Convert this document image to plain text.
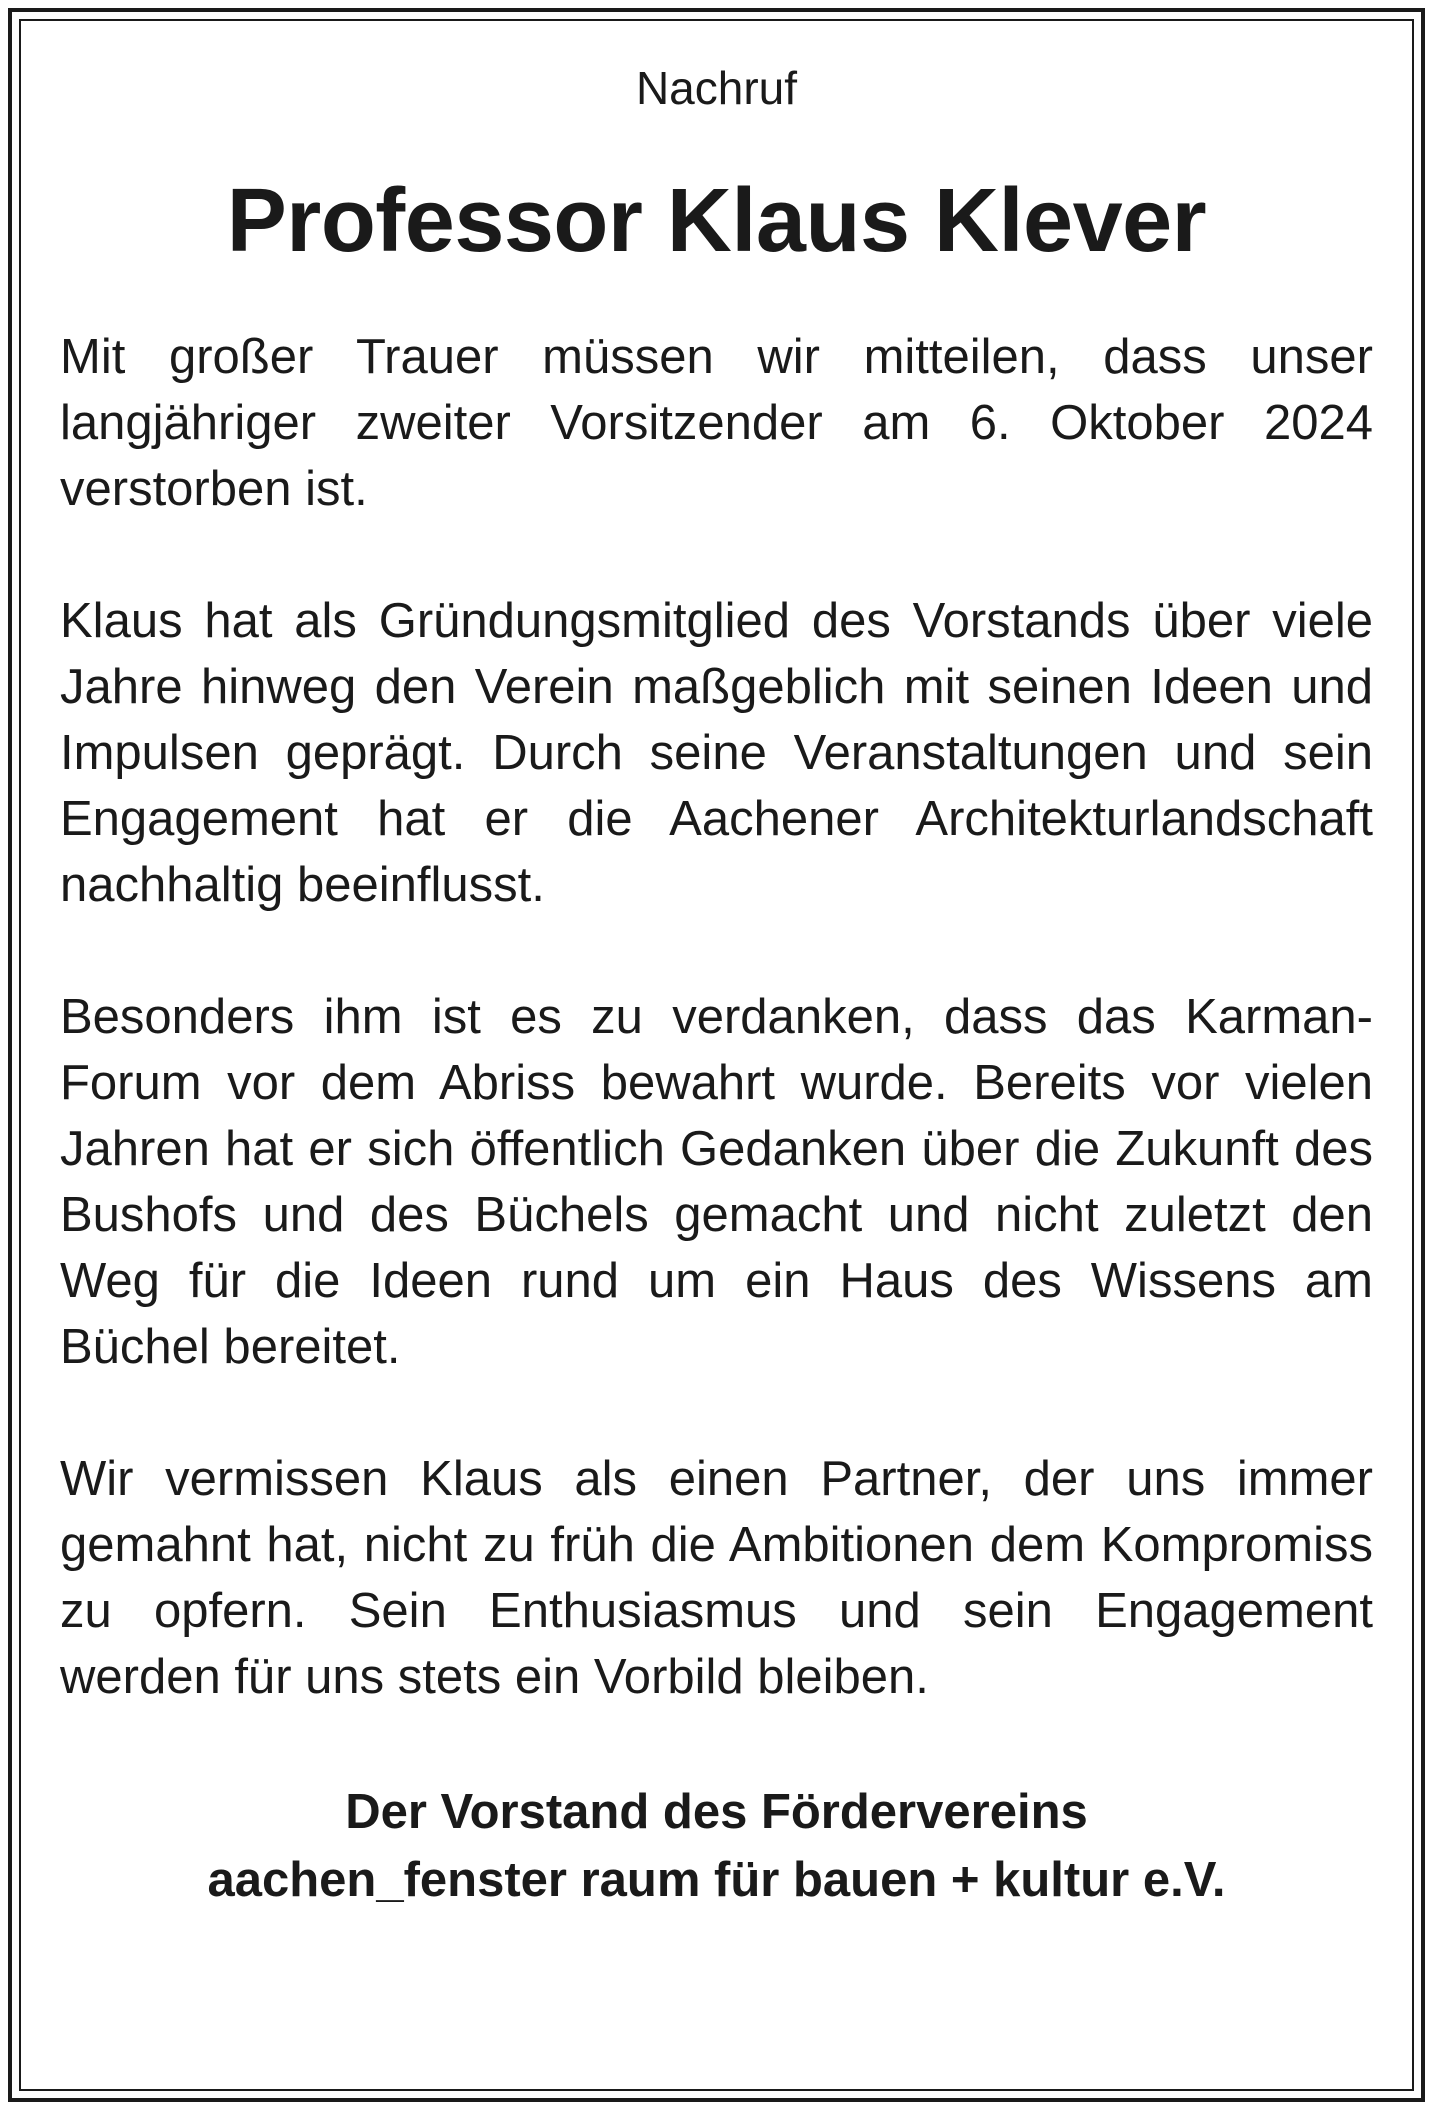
Nachruf

Professor Klaus Klever

Mit großer Trauer müssen wir mitteilen, dass unser langjähriger zweiter Vorsitzender am 6. Oktober 2024 verstorben ist.

Klaus hat als Gründungsmitglied des Vorstands über viele Jahre hinweg den Verein maßgeblich mit seinen Ideen und Impulsen geprägt. Durch seine Veranstaltungen und sein Engagement hat er die Aachener Architekturlandschaft nachhaltig beeinflusst.

Besonders ihm ist es zu verdanken, dass das Karman-Forum vor dem Abriss bewahrt wurde. Bereits vor vielen Jahren hat er sich öffentlich Gedanken über die Zukunft des Bushofs und des Büchels gemacht und nicht zuletzt den Weg für die Ideen rund um ein Haus des Wissens am Büchel bereitet.

Wir vermissen Klaus als einen Partner, der uns immer gemahnt hat, nicht zu früh die Ambitionen dem Kompromiss zu opfern. Sein Enthusiasmus und sein Engagement werden für uns stets ein Vorbild bleiben.

Der Vorstand des Fördervereins
aachen_fenster raum für bauen + kultur e.V.
